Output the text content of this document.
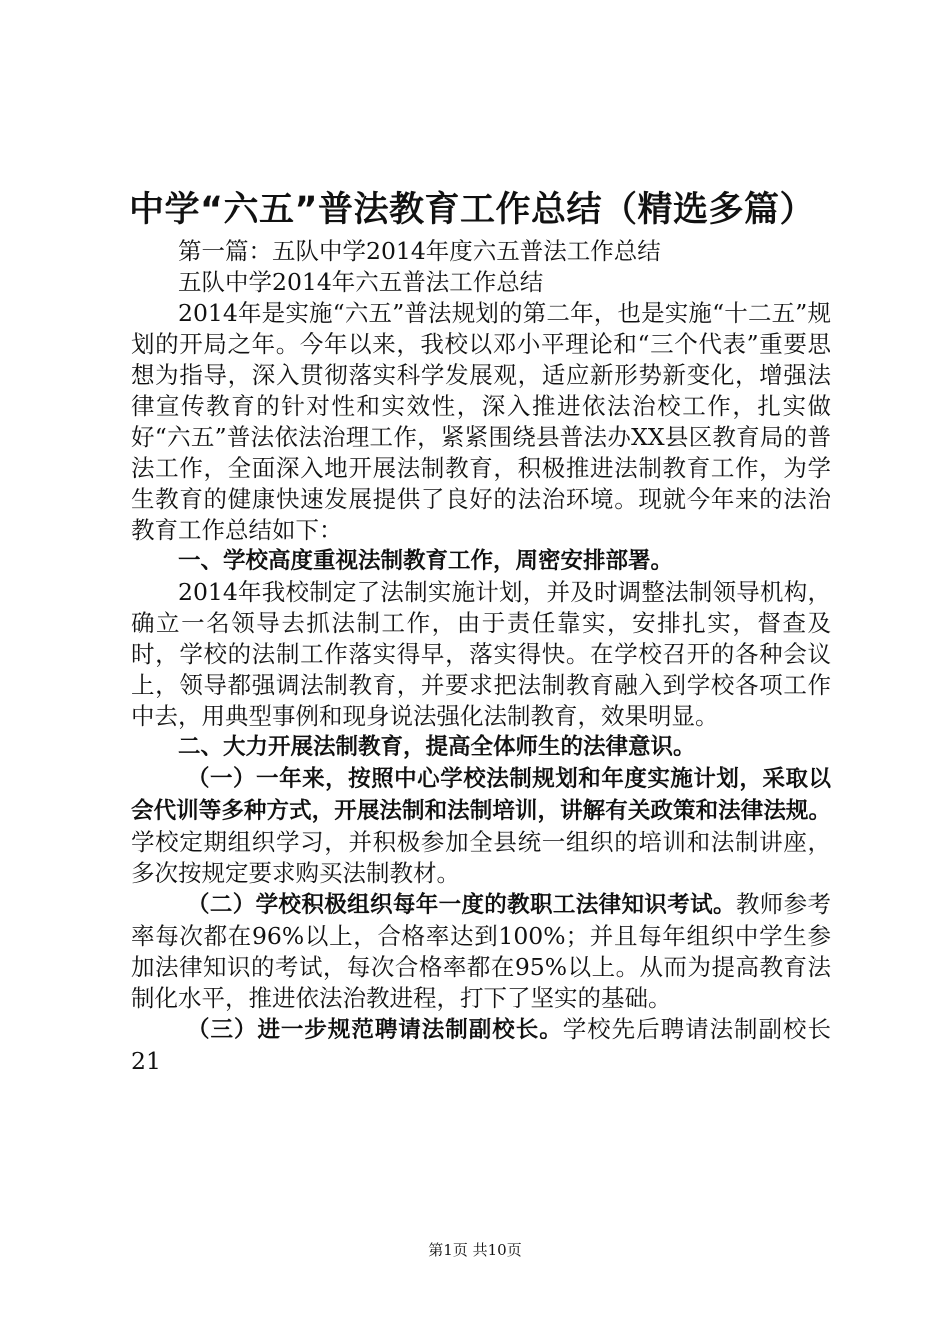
中学“六五”普法教育工作总结（精选多篇）

第一篇：五队中学2014年度六五普法工作总结

五队中学2014年六五普法工作总结

2014年是实施“六五”普法规划的第二年，也是实施“十二五”规划的开局之年。今年以来，我校以邓小平理论和“三个代表”重要思想为指导，深入贯彻落实科学发展观，适应新形势新变化，增强法律宣传教育的针对性和实效性，深入推进依法治校工作，扎实做好“六五”普法依法治理工作，紧紧围绕县普法办XX县区教育局的普法工作，全面深入地开展法制教育，积极推进法制教育工作，为学生教育的健康快速发展提供了良好的法治环境。现就今年来的法治教育工作总结如下：

一、学校高度重视法制教育工作，周密安排部署。

2014年我校制定了法制实施计划，并及时调整法制领导机构，确立一名领导去抓法制工作，由于责任靠实，安排扎实，督查及时，学校的法制工作落实得早，落实得快。在学校召开的各种会议上，领导都强调法制教育，并要求把法制教育融入到学校各项工作中去，用典型事例和现身说法强化法制教育，效果明显。

二、大力开展法制教育，提高全体师生的法律意识。

（一）一年来，按照中心学校法制规划和年度实施计划，采取以会代训等多种方式，开展法制和法制培训，讲解有关政策和法律法规。学校定期组织学习，并积极参加全县统一组织的培训和法制讲座，多次按规定要求购买法制教材。

（二）学校积极组织每年一度的教职工法律知识考试。教师参考率每次都在96%以上，合格率达到100%；并且每年组织中学生参加法律知识的考试，每次合格率都在95%以上。从而为提高教育法制化水平，推进依法治教进程，打下了坚实的基础。

（三）进一步规范聘请法制副校长。学校先后聘请法制副校长21

第1页 共10页
